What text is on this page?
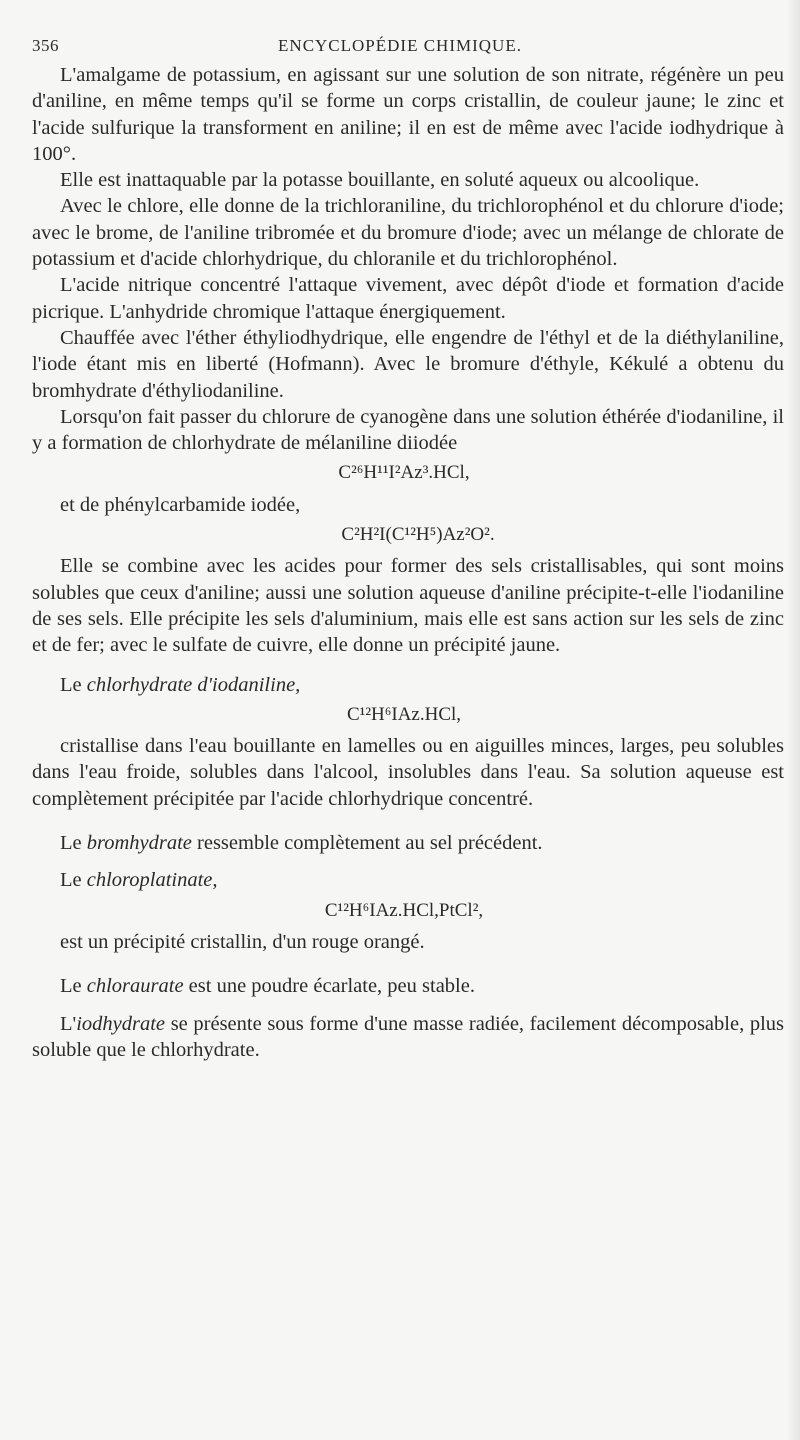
356	ENCYCLOPÉDIE CHIMIQUE.

L'amalgame de potassium, en agissant sur une solution de son nitrate, régénère un peu d'aniline, en même temps qu'il se forme un corps cristallin, de couleur jaune; le zinc et l'acide sulfurique la transforment en aniline; il en est de même avec l'acide iodhydrique à 100°.

Elle est inattaquable par la potasse bouillante, en soluté aqueux ou alcoolique.

Avec le chlore, elle donne de la trichloraniline, du trichlorophénol et du chlorure d'iode; avec le brome, de l'aniline tribromée et du bromure d'iode; avec un mélange de chlorate de potassium et d'acide chlorhydrique, du chloranile et du trichlorophénol.

L'acide nitrique concentré l'attaque vivement, avec dépôt d'iode et formation d'acide picrique. L'anhydride chromique l'attaque énergiquement.

Chauffée avec l'éther éthyliodhydrique, elle engendre de l'éthyl et de la diéthylaniline, l'iode étant mis en liberté (Hofmann). Avec le bromure d'éthyle, Kékulé a obtenu du bromhydrate d'éthyliodaniline.

Lorsqu'on fait passer du chlorure de cyanogène dans une solution éthérée d'iodaniline, il y a formation de chlorhydrate de mélaniline diiodée

C²⁶H¹¹I²Az³.HCl,

et de phénylcarbamide iodée,

C²H²I(C¹²H⁵)Az²O².

Elle se combine avec les acides pour former des sels cristallisables, qui sont moins solubles que ceux d'aniline; aussi une solution aqueuse d'aniline précipite-t-elle l'iodaniline de ses sels. Elle précipite les sels d'aluminium, mais elle est sans action sur les sels de zinc et de fer; avec le sulfate de cuivre, elle donne un précipité jaune.

Le chlorhydrate d'iodaniline,

C¹²H⁶IAz.HCl,

cristallise dans l'eau bouillante en lamelles ou en aiguilles minces, larges, peu solubles dans l'eau froide, solubles dans l'alcool, insolubles dans l'eau. Sa solution aqueuse est complètement précipitée par l'acide chlorhydrique concentré.

Le bromhydrate ressemble complètement au sel précédent.

Le chloroplatinate,

C¹²H⁶IAz.HCl,PtCl²,

est un précipité cristallin, d'un rouge orangé.

Le chloraurate est une poudre écarlate, peu stable.

L'iodhydrate se présente sous forme d'une masse radiée, facilement décomposable, plus soluble que le chlorhydrate.
